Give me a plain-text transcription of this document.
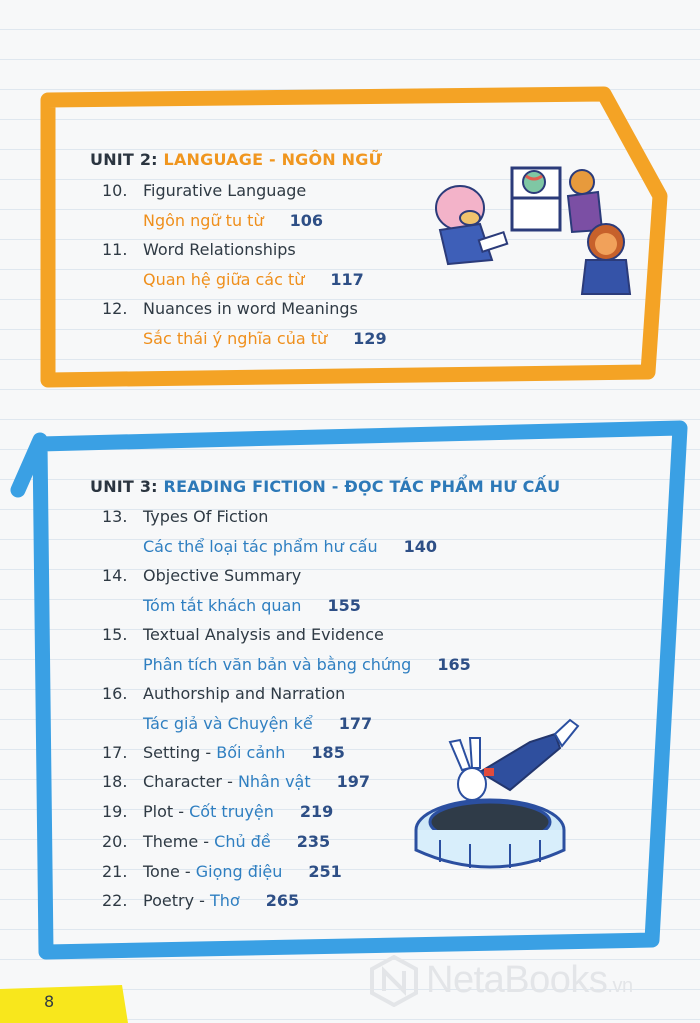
UNIT 2: LANGUAGE - NGÔN NGỮ
10. Figurative Language
Ngôn ngữ tu từ 106
11. Word Relationships
Quan hệ giữa các từ 117
12. Nuances in word Meanings
Sắc thái ý nghĩa của từ 129
UNIT 3: READING FICTION - ĐỌC TÁC PHẨM HƯ CẤU
13. Types Of Fiction
Các thể loại tác phẩm hư cấu 140
14. Objective Summary
Tóm tắt khách quan 155
15. Textual Analysis and Evidence
Phân tích văn bản và bằng chứng 165
16. Authorship and Narration
Tác giả và Chuyện kể 177
17. Setting - Bối cảnh 185
18. Character - Nhân vật 197
19. Plot - Cốt truyện 219
20. Theme - Chủ đề 235
21. Tone - Giọng điệu 251
22. Poetry - Thơ 265
8
NetaBooks.vn
